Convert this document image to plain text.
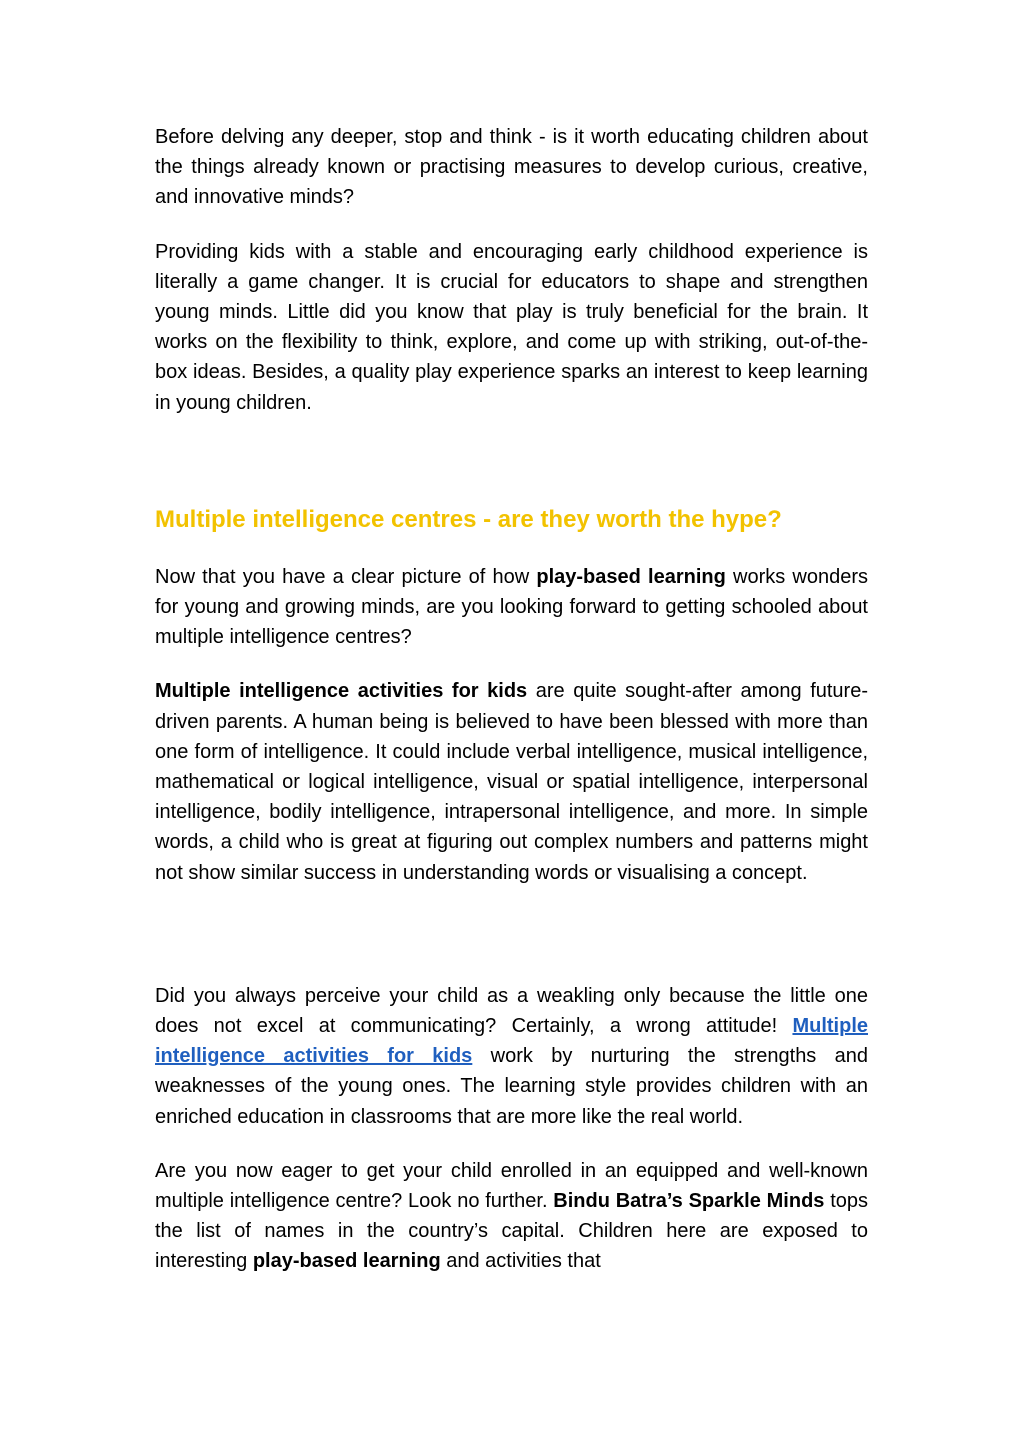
Before delving any deeper, stop and think - is it worth educating children about the things already known or practising measures to develop curious, creative, and innovative minds?

Providing kids with a stable and encouraging early childhood experience is literally a game changer. It is crucial for educators to shape and strengthen young minds. Little did you know that play is truly beneficial for the brain. It works on the flexibility to think, explore, and come up with striking, out-of-the-box ideas. Besides, a quality play experience sparks an interest to keep learning in young children.

Multiple intelligence centres - are they worth the hype?

Now that you have a clear picture of how play-based learning works wonders for young and growing minds, are you looking forward to getting schooled about multiple intelligence centres?

Multiple intelligence activities for kids are quite sought-after among future-driven parents. A human being is believed to have been blessed with more than one form of intelligence. It could include verbal intelligence, musical intelligence, mathematical or logical intelligence, visual or spatial intelligence, interpersonal intelligence, bodily intelligence, intrapersonal intelligence, and more. In simple words, a child who is great at figuring out complex numbers and patterns might not show similar success in understanding words or visualising a concept.

Did you always perceive your child as a weakling only because the little one does not excel at communicating? Certainly, a wrong attitude! Multiple intelligence activities for kids work by nurturing the strengths and weaknesses of the young ones. The learning style provides children with an enriched education in classrooms that are more like the real world.

Are you now eager to get your child enrolled in an equipped and well-known multiple intelligence centre? Look no further. Bindu Batra’s Sparkle Minds tops the list of names in the country’s capital. Children here are exposed to interesting play-based learning and activities that
